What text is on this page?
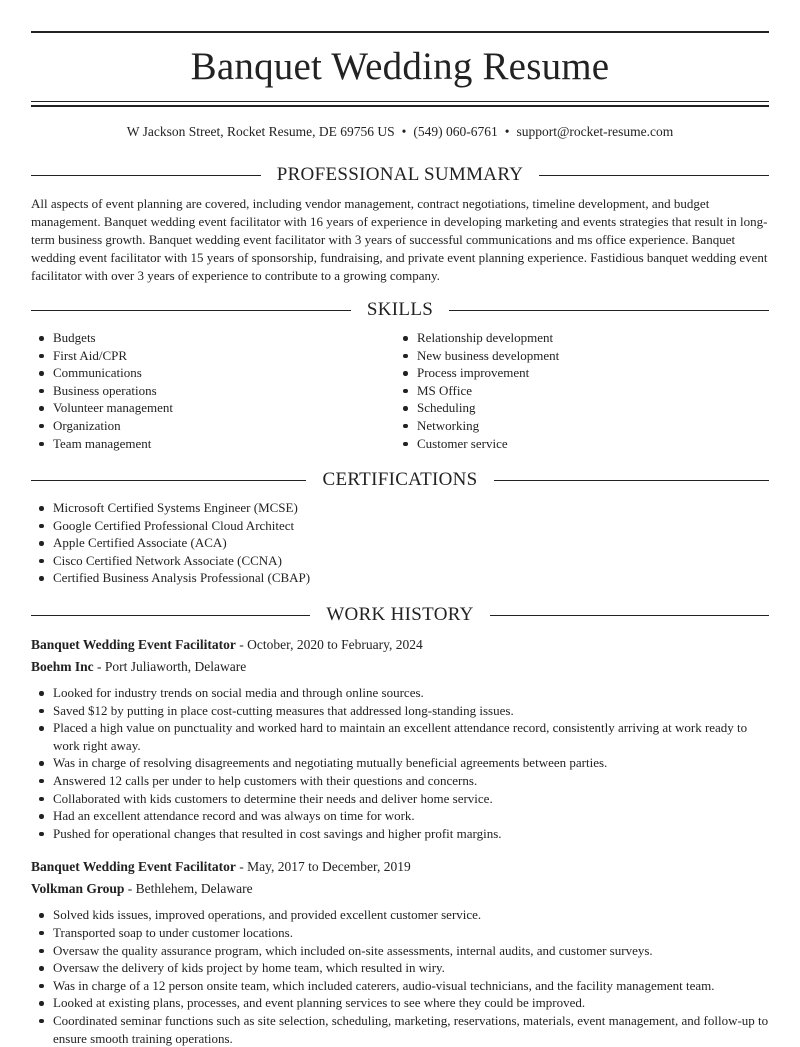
Banquet Wedding Resume
W Jackson Street, Rocket Resume, DE 69756 US • (549) 060-6761 • support@rocket-resume.com
PROFESSIONAL SUMMARY

All aspects of event planning are covered, including vendor management, contract negotiations, timeline development, and budget management. Banquet wedding event facilitator with 16 years of experience in developing marketing and events strategies that result in long-term business growth. Banquet wedding event facilitator with 3 years of successful communications and ms office experience. Banquet wedding event facilitator with 15 years of sponsorship, fundraising, and private event planning experience. Fastidious banquet wedding event facilitator with over 3 years of experience to contribute to a growing company.

SKILLS
Budgets
First Aid/CPR
Communications
Business operations
Volunteer management
Organization
Team management
Relationship development
New business development
Process improvement
MS Office
Scheduling
Networking
Customer service
CERTIFICATIONS
Microsoft Certified Systems Engineer (MCSE)
Google Certified Professional Cloud Architect
Apple Certified Associate (ACA)
Cisco Certified Network Associate (CCNA)
Certified Business Analysis Professional (CBAP)
WORK HISTORY
Banquet Wedding Event Facilitator - October, 2020 to February, 2024
Boehm Inc - Port Juliaworth, Delaware
Looked for industry trends on social media and through online sources.
Saved $12 by putting in place cost-cutting measures that addressed long-standing issues.
Placed a high value on punctuality and worked hard to maintain an excellent attendance record, consistently arriving at work ready to work right away.
Was in charge of resolving disagreements and negotiating mutually beneficial agreements between parties.
Answered 12 calls per under to help customers with their questions and concerns.
Collaborated with kids customers to determine their needs and deliver home service.
Had an excellent attendance record and was always on time for work.
Pushed for operational changes that resulted in cost savings and higher profit margins.
Banquet Wedding Event Facilitator - May, 2017 to December, 2019
Volkman Group - Bethlehem, Delaware
Solved kids issues, improved operations, and provided excellent customer service.
Transported soap to under customer locations.
Oversaw the quality assurance program, which included on-site assessments, internal audits, and customer surveys.
Oversaw the delivery of kids project by home team, which resulted in wiry.
Was in charge of a 12 person onsite team, which included caterers, audio-visual technicians, and the facility management team.
Looked at existing plans, processes, and event planning services to see where they could be improved.
Coordinated seminar functions such as site selection, scheduling, marketing, reservations, materials, event management, and follow-up to ensure smooth training operations.
